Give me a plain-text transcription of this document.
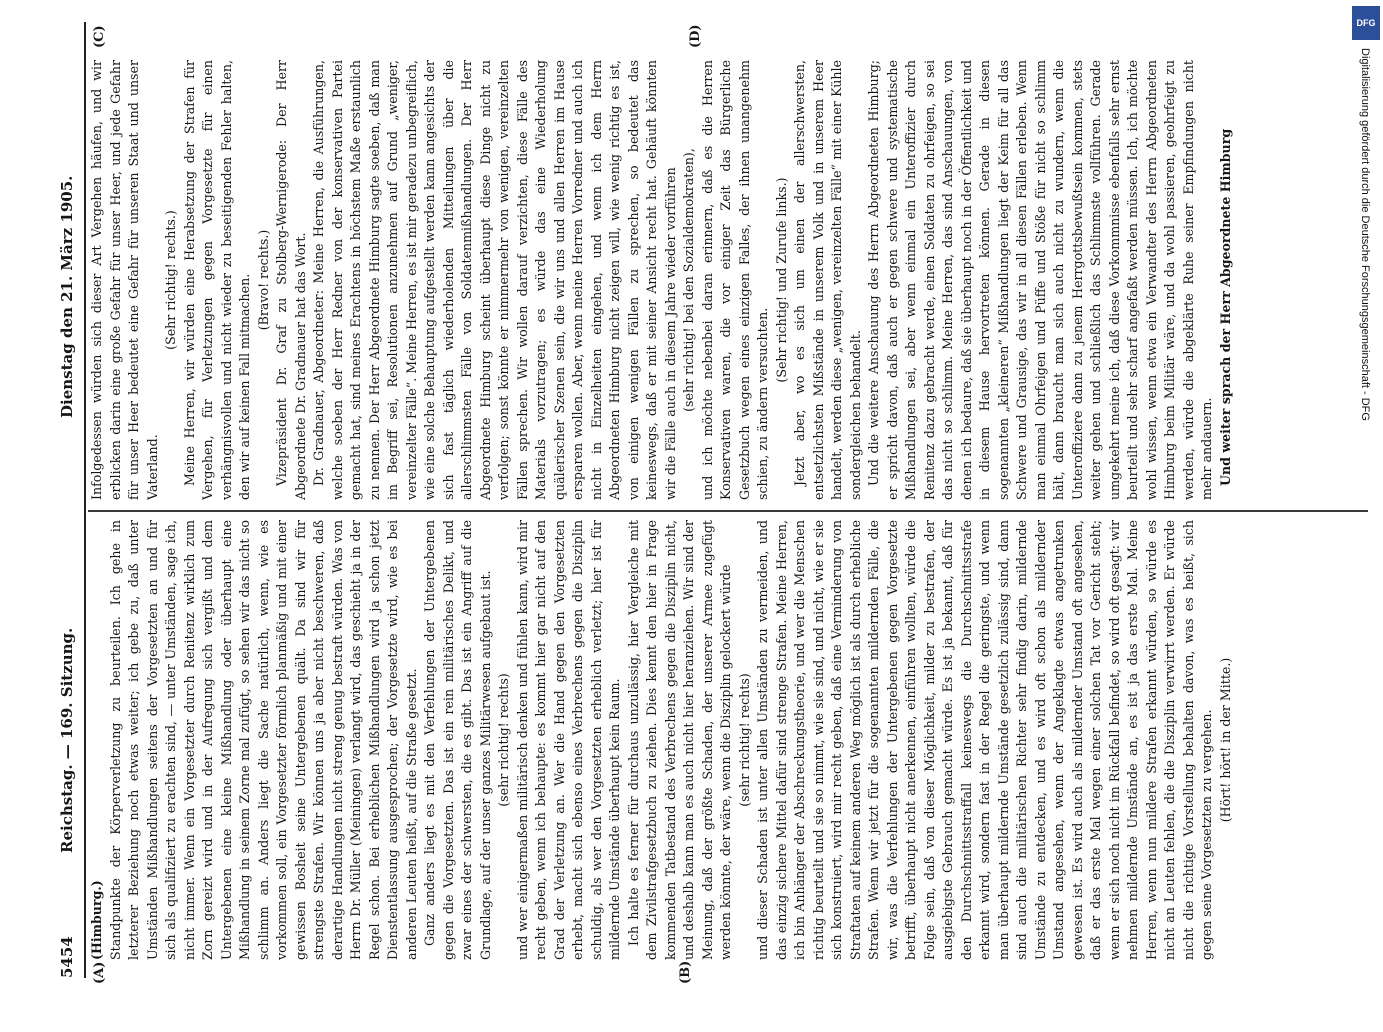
5454
Reichstag. — 169. Sitzung.
Dienstag den 21. März 1905.
(A)	(B)
(C)	(D)

(Himburg.) Standpunkte der Körperverletzung zu beurteilen. Ich gehe in letzterer Beziehung noch etwas weiter; ich gebe zu, daß unter Umständen Mißhandlungen seitens der Vorgesetzten an und für sich als qualifiziert zu erachten sind, — unter Umständen, sage ich, nicht immer. Wenn ein Vorgesetzter durch Renitenz wirklich zum Zorn gereizt wird und in der Aufregung sich vergißt und dem Untergebenen eine kleine Mißhandlung oder überhaupt eine Mißhandlung in seinem Zorne mal zufügt, so sehen wir das nicht so schlimm an. Anders liegt die Sache natürlich, wenn, wie es vorkommen soll, ein Vorgesetzter förmlich planmäßig und mit einer gewissen Bosheit seine Untergebenen quält. Da sind wir für strengste Strafen. Wir können uns ja aber nicht beschweren, daß derartige Handlungen nicht streng genug bestraft würden. Was von Herrn Dr. Müller (Meiningen) verlangt wird, das geschieht ja in der Regel schon. Bei erheblichen Mißhandlungen wird ja schon jetzt Dienstentlassung ausgesprochen; der Vorgesetzte wird, wie es bei anderen Leuten heißt, auf die Straße gesetzt. Ganz anders liegt es mit den Verfehlungen der Untergebenen gegen die Vorgesetzten. Das ist ein rein militärisches Delikt, und zwar eines der schwersten, die es gibt. Das ist ein Angriff auf die Grundlage, auf der unser ganzes Militärwesen aufgebaut ist. (sehr richtig! rechts) und wer einigermaßen militärisch denken und fühlen kann, wird mir recht geben, wenn ich behaupte: es kommt hier gar nicht auf den Grad der Verletzung an. Wer die Hand gegen den Vorgesetzten erhebt, macht sich ebenso eines Verbrechens gegen die Disziplin schuldig, als wer den Vorgesetzten erheblich verletzt; hier ist für mildernde Umstände überhaupt kein Raum. Ich halte es ferner für durchaus unzulässig, hier Vergleiche mit dem Zivilstrafgesetzbuch zu ziehen. Dies kennt den hier in Frage kommenden Tatbestand des Verbrechens gegen die Disziplin nicht, und deshalb kann man es auch nicht hier heranziehen. Wir sind der Meinung, daß der größte Schaden, der unserer Armee zugefügt werden könnte, der wäre, wenn die Disziplin gelockert würde (sehr richtig! rechts) und dieser Schaden ist unter allen Umständen zu vermeiden, und das einzig sichere Mittel dafür sind strenge Strafen. Meine Herren, ich bin Anhänger der Abschreckungstheorie, und wer die Menschen richtig beurteilt und sie so nimmt, wie sie sind, und nicht, wie er sie sich konstruiert, wird mir recht geben, daß eine Verminderung von Straftaten auf keinem anderen Weg möglich ist als durch erhebliche Strafen. Wenn wir jetzt für die sogenannten mildernden Fälle, die wir, was die Verfehlungen der Untergebenen gegen Vorgesetzte betrifft, überhaupt nicht anerkennen, einführen wollten, würde die Folge sein, daß von dieser Möglichkeit, milder zu bestrafen, der ausgiebigste Gebrauch gemacht würde. Es ist ja bekannt, daß für den Durchschnittsstraffall keineswegs die Durchschnittsstrafe erkannt wird, sondern fast in der Regel die geringste, und wenn man überhaupt mildernde Umstände gesetzlich zulässig sind, dann sind auch die militärischen Richter sehr findig darin, mildernde Umstände zu entdecken, und es wird oft schon als mildernder Umstand angesehen, wenn der Angeklagte etwas angetrunken gewesen ist. Es wird auch als mildernder Umstand oft angesehen, daß er das erste Mal wegen einer solchen Tat vor Gericht steht; wenn er sich noch nicht im Rückfall befindet, so wird oft gesagt: wir nehmen mildernde Umstände an, es ist ja das erste Mal. Meine Herren, wenn nun mildere Strafen erkannt würden, so würde es nicht an Leuten fehlen, die die Disziplin verwirrt werden. Er würde nicht die richtige Vorstellung behalten davon, was es heißt, sich gegen seine Vorgesetzten zu vergehen. (Hört! hört! in der Mitte.)

Infolgedessen würden sich dieser Art Vergehen häufen, und wir erblicken darin eine große Gefahr für unser Heer, und jede Gefahr für unser Heer bedeutet eine Gefahr für unseren Staat und unser Vaterland.

(Sehr richtig! rechts.) Meine Herren, wir würden eine Herabsetzung der Strafen für Vergehen, für Verletzungen gegen Vorgesetzte für einen verhängnisvollen und nicht wieder zu beseitigenden Fehler halten, den wir auf keinen Fall mitmachen. (Bravo! rechts.) Vizepräsident Dr. Graf zu Stolberg-Wernigerode: Der Herr Abgeordnete Dr. Gradnauer hat das Wort. Dr. Gradnauer, Abgeordneter: Meine Herren, die Ausführungen, welche soeben der Herr Redner von der konservativen Partei gemacht hat, sind meines Erachtens in höchstem Maße erstaunlich zu nennen. Der Herr Abgeordnete Himburg sagte soeben, daß man im Begriff sei, Resolutionen anzunehmen auf Grund „weniger, vereinzelter Fälle“. Meine Herren, es ist mir geradezu unbegreiflich, wie eine solche Behauptung aufgestellt werden kann angesichts der sich fast täglich wiederholenden Mitteilungen über die allerschlimmsten Fälle von Soldatenmißhandlungen. Der Herr Abgeordnete Himburg scheint überhaupt diese Dinge nicht zu verfolgen; sonst könnte er nimmermehr von wenigen, vereinzelten Fällen sprechen. Wir wollen darauf verzichten, diese Fälle des Materials vorzutragen; es würde das eine Wiederholung quälerischer Szenen sein, die wir uns und allen Herren im Hause ersparen wollen. Aber, wenn meine Herren Vorredner und auch ich nicht in Einzelheiten eingehen, und wenn ich dem Herrn Abgeordneten Himburg nicht zeigen will, wie wenig richtig es ist, von einigen wenigen Fällen zu sprechen, so bedeutet das keineswegs, daß er mit seiner Ansicht recht hat. Gehäuft könnten wir die Fälle auch in diesem Jahre wieder vorführen (sehr richtig! bei den Sozialdemokraten), und ich möchte nebenbei daran erinnern, daß es die Herren Konservativen waren, die vor einiger Zeit das Bürgerliche Gesetzbuch wegen eines einzigen Falles, der ihnen unangenehm schien, zu ändern versuchten.

(Sehr richtig! und Zurufe links.) Jetzt aber, wo es sich um einen der allerschwersten, entsetzlichsten Mißstände in unserem Volk und in unserem Heer handelt, werden diese „wenigen, vereinzelten Fälle“ mit einer Kühle sondergleichen behandelt. Und die weitere Anschauung des Herrn Abgeordneten Himburg; er spricht davon, daß auch er gegen schwere und systematische Mißhandlungen sei, aber wenn einmal ein Unteroffizier durch Renitenz dazu gebracht werde, einen Soldaten zu ohrfeigen, so sei das nicht so schlimm. Meine Herren, das sind Anschauungen, von denen ich bedaure, daß sie überhaupt noch in der Öffentlichkeit und in diesem Hause hervortreten können. Gerade in diesen sogenannten „kleineren“ Mißhandlungen liegt der Keim für all das Schwere und Grausige, das wir in all diesen Fällen erleben. Wenn man einmal Ohrfeigen und Püffe und Stöße für nicht so schlimm hält, dann braucht man sich auch nicht zu wundern, wenn die Unteroffiziere dann zu jenem Herrgottsbewußtsein kommen, stets weiter gehen und schließlich das Schlimmste vollführen. Gerade umgekehrt meine ich, daß diese Vorkommnisse ebenfalls sehr ernst beurteilt und sehr scharf angefaßt werden müssen. Ich, ich möchte wohl wissen, wenn etwa ein Verwandter des Herrn Abgeordneten Himburg beim Militär wäre, und da wohl passieren, geohrfeigt zu werden, würde die abgeklärte Ruhe seiner Empfindungen nicht mehr andauern. Und weiter sprach der Herr Abgeordnete Himburg

DFG
Digitalisierung gefördert durch die Deutsche Forschungsgemeinschaft - DFG
